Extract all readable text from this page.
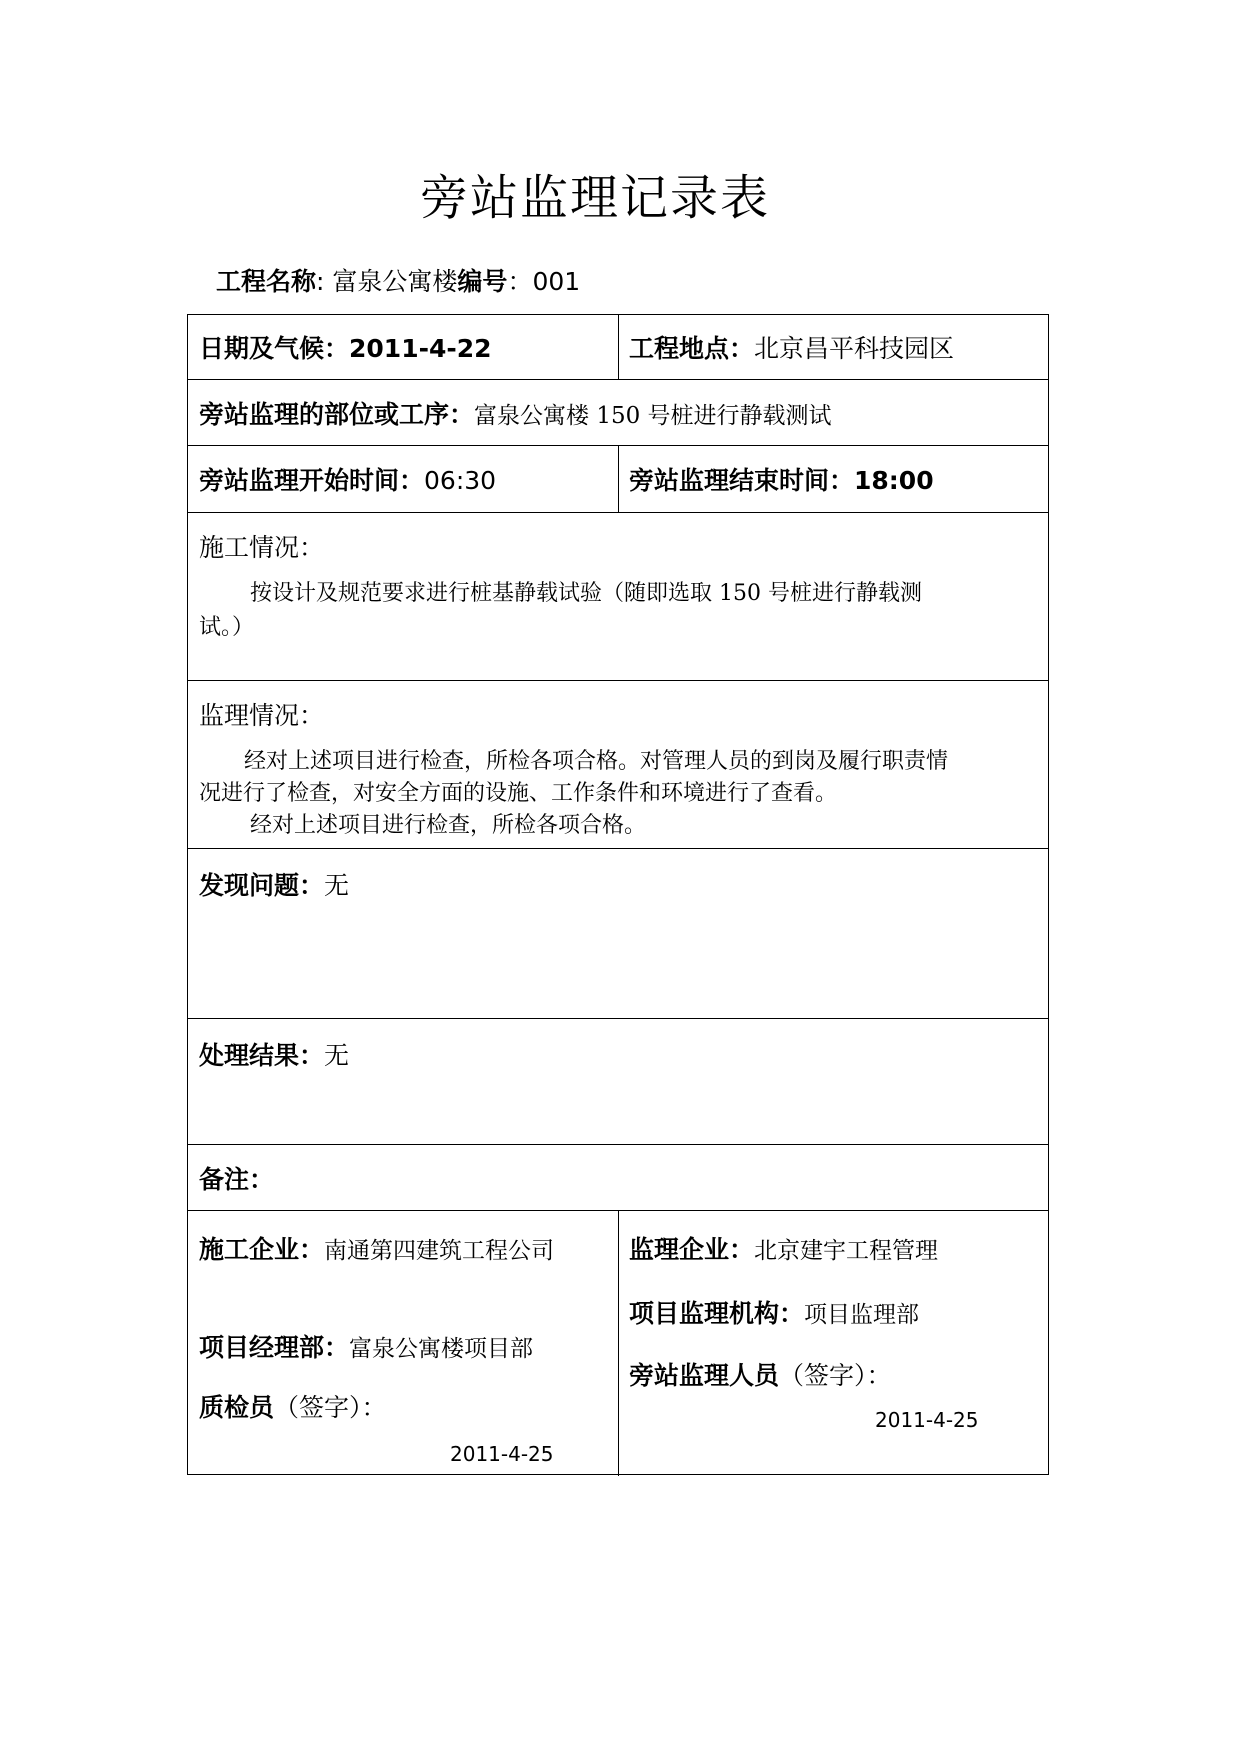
旁站监理记录表
工程名称: 富泉公寓楼编号：001
日期及气候：2011-4-22	工程地点：北京昌平科技园区
旁站监理的部位或工序：富泉公寓楼 150 号桩进行静载测试
旁站监理开始时间：06:30	旁站监理结束时间：18:00
施工情况：
按设计及规范要求进行桩基静载试验（随即选取 150 号桩进行静载测
试。）
监理情况：
经对上述项目进行检查，所检各项合格。对管理人员的到岗及履行职责情
况进行了检查，对安全方面的设施、工作条件和环境进行了查看。
经对上述项目进行检查，所检各项合格。
发现问题：无
处理结果：无
备注：
施工企业：南通第四建筑工程公司
项目经理部：富泉公寓楼项目部
质检员（签字）：
2011-4-25
监理企业：北京建宇工程管理
项目监理机构：项目监理部
旁站监理人员（签字）：
2011-4-25
